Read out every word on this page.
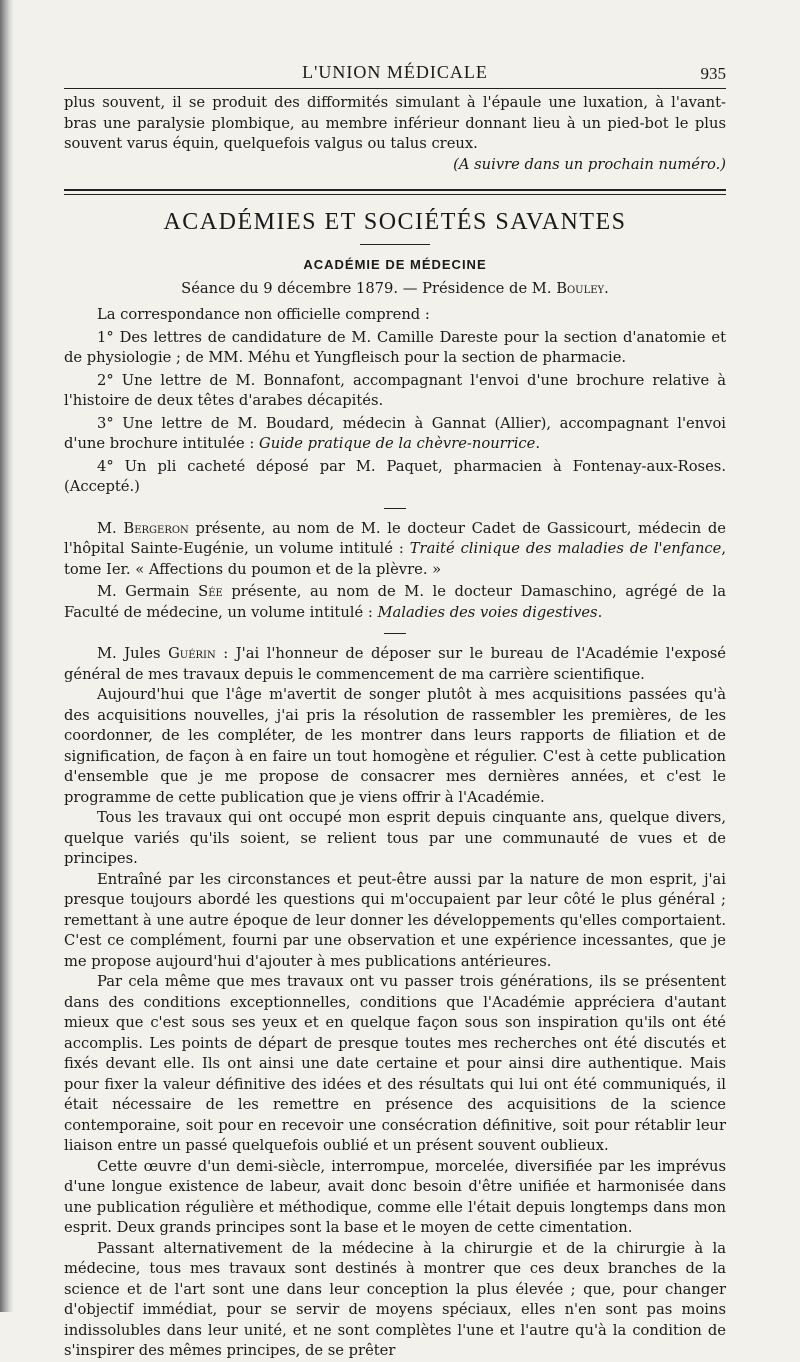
L'UNION MÉDICALE	935

plus souvent, il se produit des difformités simulant à l'épaule une luxation, à l'avant-bras une paralysie plombique, au membre inférieur donnant lieu à un pied-bot le plus souvent varus équin, quelquefois valgus ou talus creux.

(A suivre dans un prochain numéro.)

ACADÉMIES ET SOCIÉTÉS SAVANTES
ACADÉMIE DE MÉDECINE
Séance du 9 décembre 1879. — Présidence de M. Bouley.

La correspondance non officielle comprend :

1° Des lettres de candidature de M. Camille Dareste pour la section d'anatomie et de physiologie ; de MM. Méhu et Yungfleisch pour la section de pharmacie.

2° Une lettre de M. Bonnafont, accompagnant l'envoi d'une brochure relative à l'histoire de deux têtes d'arabes décapités.

3° Une lettre de M. Boudard, médecin à Gannat (Allier), accompagnant l'envoi d'une brochure intitulée : Guide pratique de la chèvre-nourrice.

4° Un pli cacheté déposé par M. Paquet, pharmacien à Fontenay-aux-Roses. (Accepté.)

M. Bergeron présente, au nom de M. le docteur Cadet de Gassicourt, médecin de l'hôpital Sainte-Eugénie, un volume intitulé : Traité clinique des maladies de l'enfance, tome Ier. « Affections du poumon et de la plèvre. »

M. Germain Sée présente, au nom de M. le docteur Damaschino, agrégé de la Faculté de médecine, un volume intitulé : Maladies des voies digestives.

M. Jules Guérin : J'ai l'honneur de déposer sur le bureau de l'Académie l'exposé général de mes travaux depuis le commencement de ma carrière scientifique.

Aujourd'hui que l'âge m'avertit de songer plutôt à mes acquisitions passées qu'à des acquisitions nouvelles, j'ai pris la résolution de rassembler les premières, de les coordonner, de les compléter, de les montrer dans leurs rapports de filiation et de signification, de façon à en faire un tout homogène et régulier. C'est à cette publication d'ensemble que je me propose de consacrer mes dernières années, et c'est le programme de cette publication que je viens offrir à l'Académie.

Tous les travaux qui ont occupé mon esprit depuis cinquante ans, quelque divers, quelque variés qu'ils soient, se relient tous par une communauté de vues et de principes.

Entraîné par les circonstances et peut-être aussi par la nature de mon esprit, j'ai presque toujours abordé les questions qui m'occupaient par leur côté le plus général ; remettant à une autre époque de leur donner les développements qu'elles comportaient. C'est ce complément, fourni par une observation et une expérience incessantes, que je me propose aujourd'hui d'ajouter à mes publications antérieures.

Par cela même que mes travaux ont vu passer trois générations, ils se présentent dans des conditions exceptionnelles, conditions que l'Académie appréciera d'autant mieux que c'est sous ses yeux et en quelque façon sous son inspiration qu'ils ont été accomplis. Les points de départ de presque toutes mes recherches ont été discutés et fixés devant elle. Ils ont ainsi une date certaine et pour ainsi dire authentique. Mais pour fixer la valeur définitive des idées et des résultats qui lui ont été communiqués, il était nécessaire de les remettre en présence des acquisitions de la science contemporaine, soit pour en recevoir une consécration définitive, soit pour rétablir leur liaison entre un passé quelquefois oublié et un présent souvent oublieux.

Cette œuvre d'un demi-siècle, interrompue, morcelée, diversifiée par les imprévus d'une longue existence de labeur, avait donc besoin d'être unifiée et harmonisée dans une publication régulière et méthodique, comme elle l'était depuis longtemps dans mon esprit. Deux grands principes sont la base et le moyen de cette cimentation.

Passant alternativement de la médecine à la chirurgie et de la chirurgie à la médecine, tous mes travaux sont destinés à montrer que ces deux branches de la science et de l'art sont une dans leur conception la plus élevée ; que, pour changer d'objectif immédiat, pour se servir de moyens spéciaux, elles n'en sont pas moins indissolubles dans leur unité, et ne sont complètes l'une et l'autre qu'à la condition de s'inspirer des mêmes principes, de se prêter
